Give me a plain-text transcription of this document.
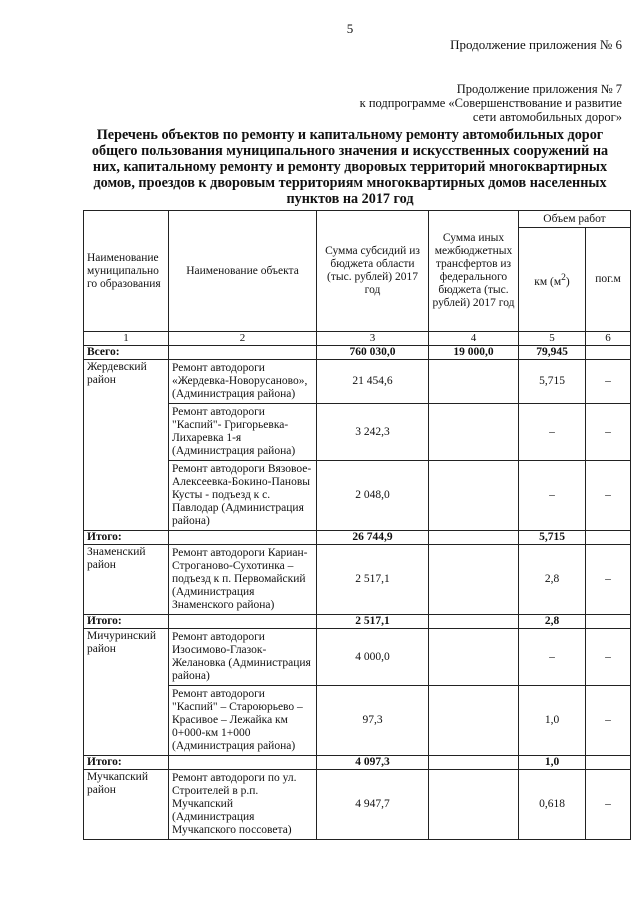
5
Продолжение приложения № 6
Продолжение приложения № 7
к подпрограмме «Совершенствование и развитие
сети автомобильных дорог»
Перечень объектов по ремонту и капитальному ремонту автомобильных дорог общего пользования муниципального значения и искусственных сооружений на них, капитальному ремонту и ремонту дворовых территорий многоквартирных домов, проездов к дворовым территориям многоквартирных домов населенных пунктов на 2017 год
Наименование муниципально го образования	Наименование объекта	Сумма субсидий из бюджета области (тыс. рублей) 2017 год	Сумма иных межбюджетных трансфертов из федерального бюджета (тыс. рублей) 2017 год	Объем работ	
				км $(м^2)$	пог.м
1	2	3	4	5	6
Всего:		760 030,0	19 000,0	79,945	
Жердевский район	Ремонт автодороги «Жердевка-Новорусаново», (Администрация района)	21 454,6		5,715	–
	Ремонт автодороги "Каспий"- Григорьевка-Лихаревка 1-я (Администрация района)	3 242,3		–	–
	Ремонт автодороги Вязовое- Алексеевка-Бокино-Пановы Кусты - подъезд к с. Павлодар (Администрация района)	2 048,0		–	–
Итого:		26 744,9		5,715	
Знаменский район	Ремонт автодороги Кариан-Строганово-Сухотинка – подъезд к п. Первомайский (Администрация Знаменского района)	2 517,1		2,8	–
Итого:		2 517,1		2,8	
Мичуринский район	Ремонт автодороги Изосимово-Глазок-Желановка (Администрация района)	4 000,0		–	–
	Ремонт автодороги "Каспий" – Староюрьево – Красивое – Лежайка км 0+000-км 1+000 (Администрация района)	97,3		1,0	–
Итого:		4 097,3		1,0	
Мучкапский район	Ремонт автодороги по ул. Строителей в р.п. Мучкапский (Администрация Мучкапского поссовета)	4 947,7		0,618	–
